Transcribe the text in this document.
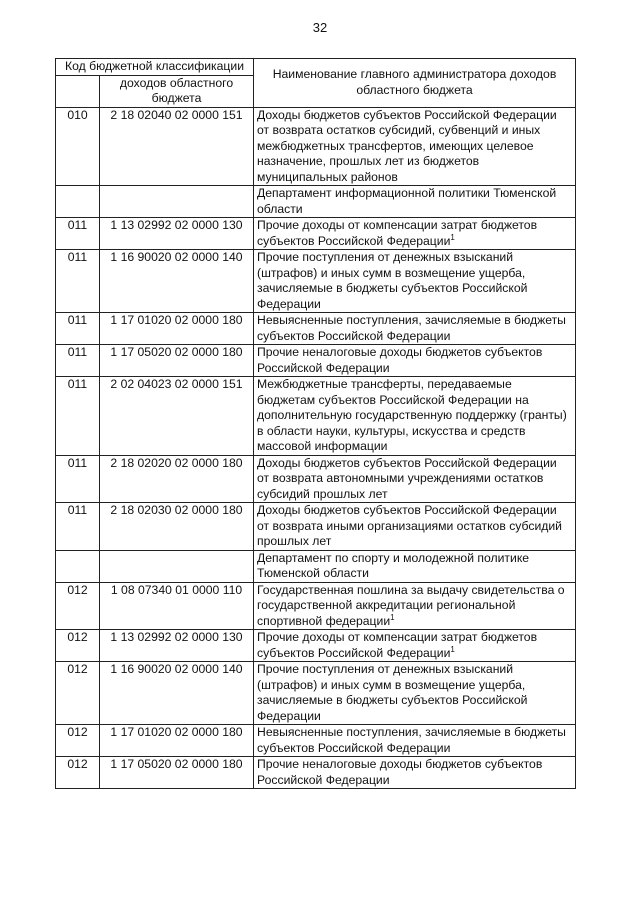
32
Код бюджетной классификации		Наименование главного администратора доходов областного бюджета
	доходов областного бюджета	
010	2 18 02040 02 0000 151	Доходы бюджетов субъектов Российской Федерации от возврата остатков субсидий, субвенций и иных межбюджетных трансфертов, имеющих целевое назначение, прошлых лет из бюджетов муниципальных районов
		Департамент информационной политики Тюменской области
011	1 13 02992 02 0000 130	Прочие доходы от компенсации затрат бюджетов субъектов Российской Федерации$^1$
011	1 16 90020 02 0000 140	Прочие поступления от денежных взысканий (штрафов) и иных сумм в возмещение ущерба, зачисляемые в бюджеты субъектов Российской Федерации
011	1 17 01020 02 0000 180	Невыясненные поступления, зачисляемые в бюджеты субъектов Российской Федерации
011	1 17 05020 02 0000 180	Прочие неналоговые доходы бюджетов субъектов Российской Федерации
011	2 02 04023 02 0000 151	Межбюджетные трансферты, передаваемые бюджетам субъектов Российской Федерации на дополнительную государственную поддержку (гранты) в области науки, культуры, искусства и средств массовой информации
011	2 18 02020 02 0000 180	Доходы бюджетов субъектов Российской Федерации от возврата автономными учреждениями остатков субсидий прошлых лет
011	2 18 02030 02 0000 180	Доходы бюджетов субъектов Российской Федерации от возврата иными организациями остатков субсидий прошлых лет
		Департамент по спорту и молодежной политике Тюменской области
012	1 08 07340 01 0000 110	Государственная пошлина за выдачу свидетельства о государственной аккредитации региональной спортивной федерации$^1$
012	1 13 02992 02 0000 130	Прочие доходы от компенсации затрат бюджетов субъектов Российской Федерации$^1$
012	1 16 90020 02 0000 140	Прочие поступления от денежных взысканий (штрафов) и иных сумм в возмещение ущерба, зачисляемые в бюджеты субъектов Российской Федерации
012	1 17 01020 02 0000 180	Невыясненные поступления, зачисляемые в бюджеты субъектов Российской Федерации
012	1 17 05020 02 0000 180	Прочие неналоговые доходы бюджетов субъектов Российской Федерации
